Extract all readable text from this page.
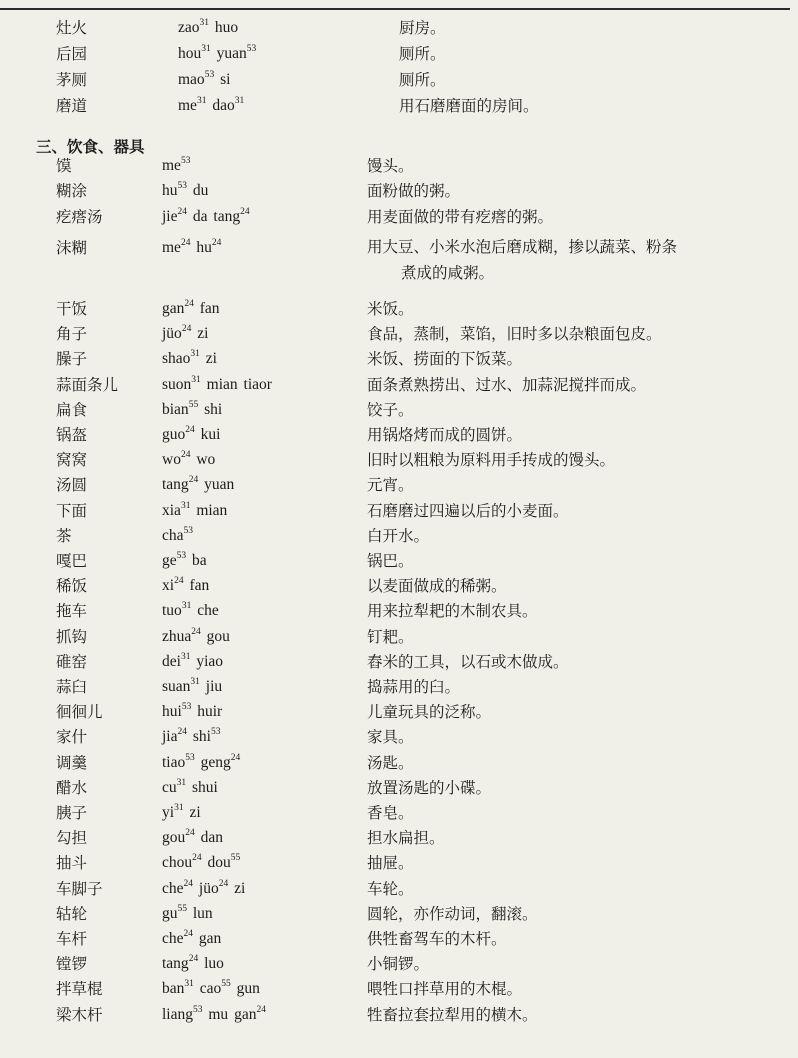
灶火	zao$^{31}$ huo	厨房。
后园	hou$^{31}$ yuan$^{53}$	厕所。
茅厕	mao$^{53}$ si	厕所。
磨道	$me^{31}$ dao$^{31}$	用石磨磨面的房间。
三、饮食、器具
馍	$me^{53}$	馒头。
糊涂	$hu^{53}$ du	面粉做的粥。
疙瘩汤	jie$^{24}$ da tang$^{24}$	用麦面做的带有疙瘩的粥。
沫糊	$me^{24}$ $hu^{24}$	用大豆、小米水泡后磨成糊，掺以蔬菜、粉条
煮成的咸粥。
干饭	gan$^{24}$ fan	米饭。
角子	jüo$^{24}$ zi	食品，蒸制，菜馅，旧时多以杂粮面包皮。
臊子	shao$^{31}$ zi	米饭、捞面的下饭菜。
蒜面条儿	suon$^{31}$ mian tiaor	面条煮熟捞出、过水、加蒜泥搅拌而成。
扁食	bian$^{55}$ shi	饺子。
锅盔	guo$^{24}$ kui	用锅烙烤而成的圆饼。
窝窝	$wo^{24}$ wo	旧时以粗粮为原料用手抟成的馒头。
汤圆	tang$^{24}$ yuan	元宵。
下面	xia$^{31}$ mian	石磨磨过四遍以后的小麦面。
茶	cha$^{53}$	白开水。
嘎巴	$ge^{53}$ ba	锅巴。
稀饭	$xi^{24}$ fan	以麦面做成的稀粥。
拖车	tuo$^{31}$ che	用来拉犁耙的木制农具。
抓钩	zhua$^{24}$ gou	钉耙。
碓窑	dei$^{31}$ yiao	舂米的工具，以石或木做成。
蒜臼	suan$^{31}$ jiu	捣蒜用的臼。
徊徊儿	hui$^{53}$ huir	儿童玩具的泛称。
家什	jia$^{24}$ shi$^{53}$	家具。
调羹	tiao$^{53}$ geng$^{24}$	汤匙。
醋水	$cu^{31}$ shui	放置汤匙的小碟。
胰子	$yi^{31}$ zi	香皂。
勾担	gou$^{24}$ dan	担水扁担。
抽斗	chou$^{24}$ dou$^{55}$	抽屉。
车脚子	che$^{24}$ jüo$^{24}$ zi	车轮。
轱轮	$gu^{55}$ lun	圆轮，亦作动词，翻滚。
车杆	che$^{24}$ gan	供牲畜驾车的木杆。
镗锣	tang$^{24}$ luo	小铜锣。
拌草棍	ban$^{31}$ cao$^{55}$ gun	喂牲口拌草用的木棍。
梁木杆	liang$^{53}$ mu gan$^{24}$	牲畜拉套拉犁用的横木。
